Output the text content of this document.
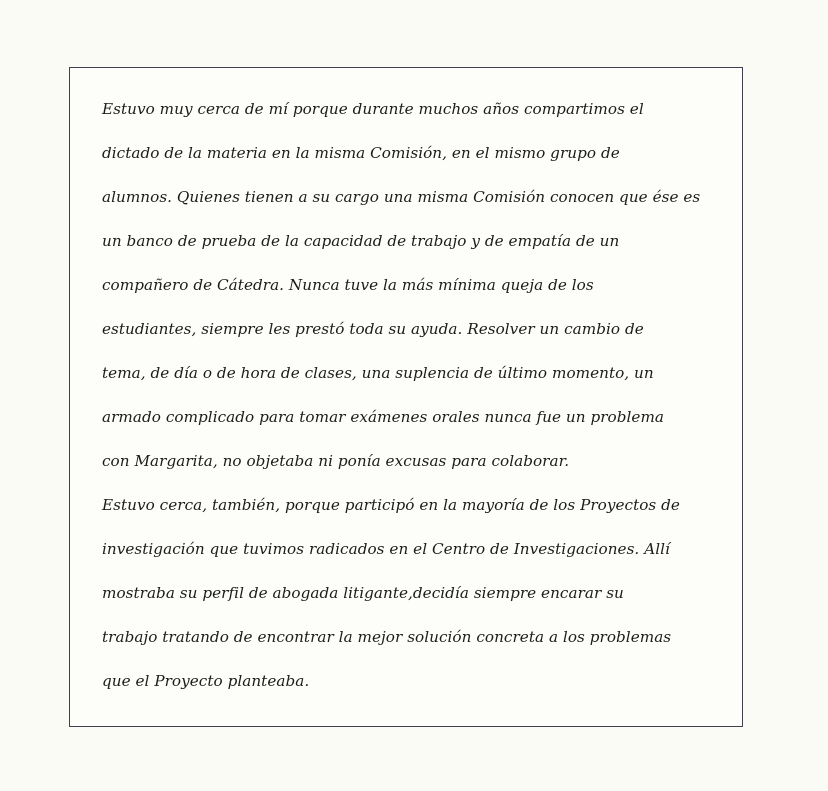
Estuvo muy cerca de mí porque durante muchos años compartimos el
dictado de la materia en la misma Comisión, en el mismo grupo de
alumnos. Quienes tienen a su cargo una misma Comisión conocen que ése es
un banco de prueba de la capacidad de trabajo y de empatía de un
compañero de Cátedra. Nunca tuve la más mínima queja de los
estudiantes, siempre les prestó toda su ayuda. Resolver un cambio de
tema, de día o de hora de clases, una suplencia de último momento, un
armado complicado para tomar exámenes orales nunca fue un problema
con Margarita, no objetaba ni ponía excusas para colaborar.
Estuvo cerca, también, porque participó en la mayoría de los Proyectos de
investigación que tuvimos radicados en el Centro de Investigaciones. Allí
mostraba su perfil de abogada litigante,decidía siempre encarar su
trabajo tratando de encontrar la mejor solución concreta a los problemas
que el Proyecto planteaba.
